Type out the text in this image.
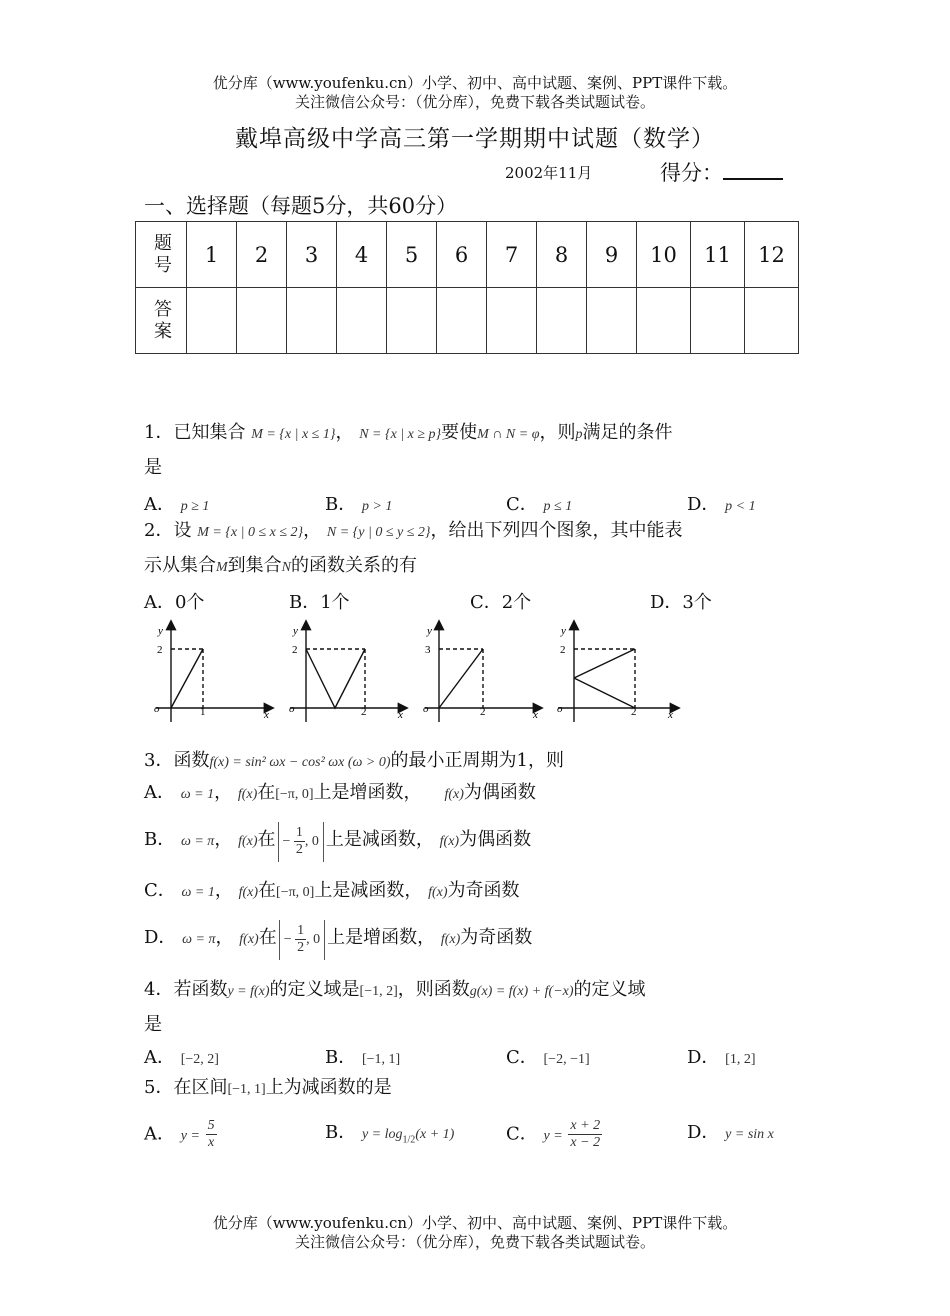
优分库（www.youfenku.cn）小学、初中、高中试题、案例、PPT课件下载。
关注微信公众号：（优分库），免费下载各类试题试卷。
戴埠高级中学高三第一学期期中试题（数学）
2002年11月	得分：
一、选择题（每题5分，共60分）
题号	1	2	3	4	5	6	7	8	9	10	11	12
答案												
1．已知集合 M = {x | x ≤ 1}， N = {x | x ≥ p}要使M ∩ N = φ，则p满足的条件
是
A． p ≥ 1	B． p > 1	C． p ≤ 1	D． p < 1
2．设 M = {x | 0 ≤ x ≤ 2}， N = {y | 0 ≤ y ≤ 2}，给出下列四个图象，其中能表
示从集合M到集合N的函数关系的有
A．0个	B．1个	C．2个	D．3个
y
2
o	1	x
y
2
o	2	x
y
3
o	2	x
y
2
o	2	x
3．函数f(x) = sin² ωx − cos² ωx (ω > 0)的最小正周期为1，则
A． ω = 1， f(x)在[−π, 0]上是增函数， f(x)为偶函数
B． ω = π， f(x)在 − $\frac{1}{2}$ , 0 上是减函数， f(x)为偶函数
C． ω = 1， f(x)在[−π, 0]上是减函数， f(x)为奇函数
D． ω = π， f(x)在 − $\frac{1}{2}$ , 0 上是增函数， f(x)为奇函数
4．若函数y = f(x)的定义域是[−1, 2]，则函数g(x) = f(x) + f(−x)的定义域
是
A． [−2, 2]	B． [−1, 1]	C． [−2, −1]	D． [1, 2]
5．在区间[−1, 1]上为减函数的是
A． $y = \frac{5}{x}$	B． $y = \log_{1/2}(x + 1)$	C． $y = \frac{x + 2}{x - 2}$	D． y = sin x
优分库（www.youfenku.cn）小学、初中、高中试题、案例、PPT课件下载。
关注微信公众号：（优分库），免费下载各类试题试卷。
